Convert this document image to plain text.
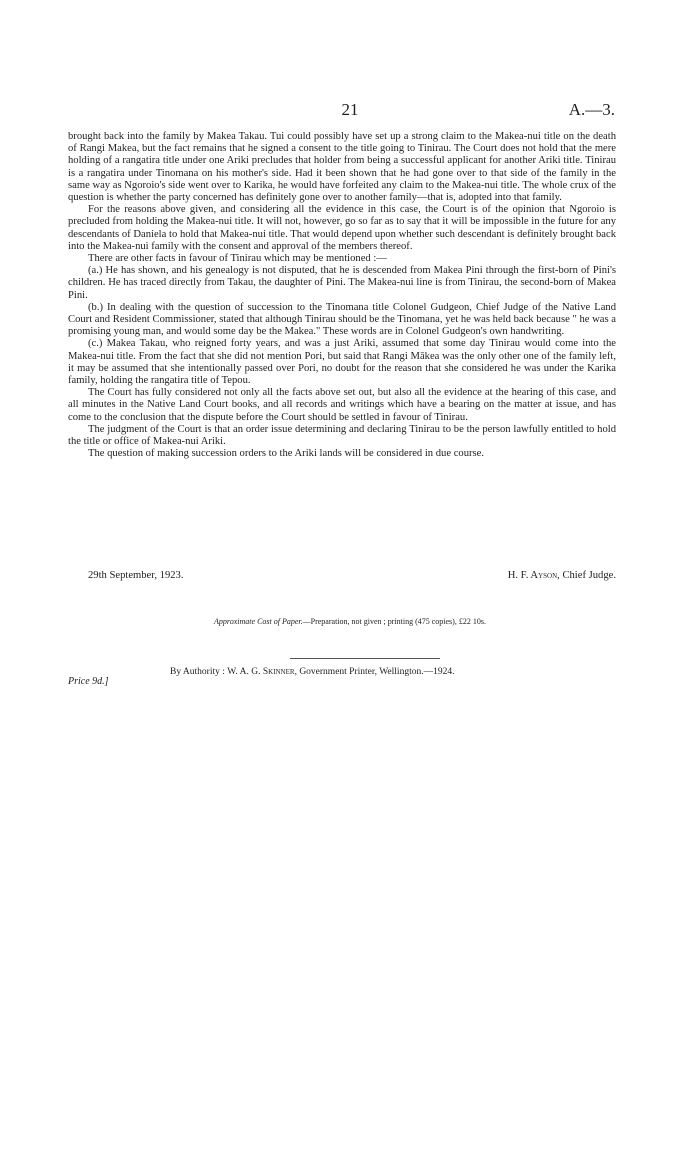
21	A.—3.

brought back into the family by Makea Takau. Tui could possibly have set up a strong claim to the Makea-nui title on the death of Rangi Makea, but the fact remains that he signed a consent to the title going to Tinirau. The Court does not hold that the mere holding of a rangatira title under one Ariki precludes that holder from being a successful applicant for another Ariki title. Tinirau is a rangatira under Tinomana on his mother's side. Had it been shown that he had gone over to that side of the family in the same way as Ngoroio's side went over to Karika, he would have forfeited any claim to the Makea-nui title. The whole crux of the question is whether the party concerned has definitely gone over to another family—that is, adopted into that family.

For the reasons above given, and considering all the evidence in this case, the Court is of the opinion that Ngoroio is precluded from holding the Makea-nui title. It will not, however, go so far as to say that it will be impossible in the future for any descendants of Daniela to hold that Makea-nui title. That would depend upon whether such descendant is definitely brought back into the Makea-nui family with the consent and approval of the members thereof.

There are other facts in favour of Tinirau which may be mentioned :—

(a.) He has shown, and his genealogy is not disputed, that he is descended from Makea Pini through the first-born of Pini's children. He has traced directly from Takau, the daughter of Pini. The Makea-nui line is from Tinirau, the second-born of Makea Pini.

(b.) In dealing with the question of succession to the Tinomana title Colonel Gudgeon, Chief Judge of the Native Land Court and Resident Commissioner, stated that although Tinirau should be the Tinomana, yet he was held back because " he was a promising young man, and would some day be the Makea." These words are in Colonel Gudgeon's own handwriting.

(c.) Makea Takau, who reigned forty years, and was a just Ariki, assumed that some day Tinirau would come into the Makea-nui title. From the fact that she did not mention Pori, but said that Rangi Mākea was the only other one of the family left, it may be assumed that she intentionally passed over Pori, no doubt for the reason that she considered he was under the Karika family, holding the rangatira title of Tepou.

The Court has fully considered not only all the facts above set out, but also all the evidence at the hearing of this case, and all minutes in the Native Land Court books, and all records and writings which have a bearing on the matter at issue, and has come to the conclusion that the dispute before the Court should be settled in favour of Tinirau.

The judgment of the Court is that an order issue determining and declaring Tinirau to be the person lawfully entitled to hold the title or office of Makea-nui Ariki.

The question of making succession orders to the Ariki lands will be considered in due course.

29th September, 1923.	H. F. Ayson, Chief Judge.
Approximate Cost of Paper.—Preparation, not given ; printing (475 copies), £22 10s.
By Authority : W. A. G. Skinner, Government Printer, Wellington.—1924.
Price 9d.]
